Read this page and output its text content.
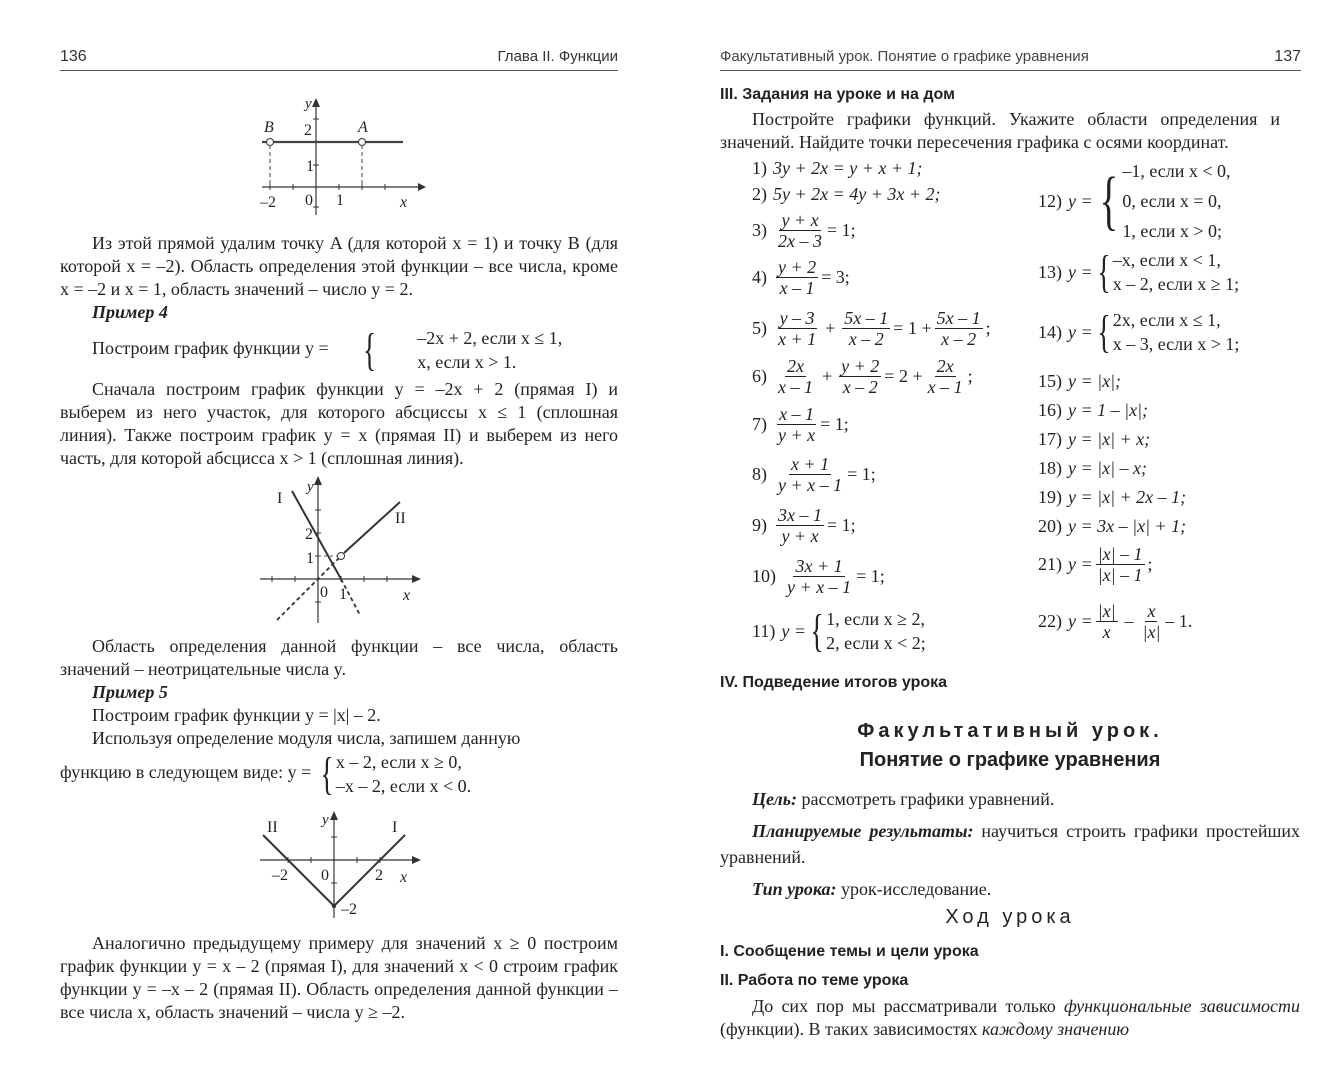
136	Глава II. Функции
y
B	A
2
1
–2 0 1	x

Из этой прямой удалим точку A (для которой x = 1) и точку B (для которой x = –2). Область определения этой функции – все числа, кроме x = –2 и x = 1, область значений – число y = 2.

Пример 4

Построим график функции y = {	–2x + 2, если x ≤ 1,
x, если x > 1.

Сначала построим график функции y = –2x + 2 (прямая I) и выберем из него участок, для которого абсциссы x ≤ 1 (сплошная линия). Также построим график y = x (прямая II) и выберем из него часть, для которой абсцисса x > 1 (сплошная линия).

I
II
y
2
1
0 1	x

Область определения данной функции – все числа, область значений – неотрицательные числа y.

Пример 5

Построим график функции y = |x| – 2.

Используя определение модуля числа, запишем данную

функцию в следующем виде: y = { x – 2, если x ≥ 0,
–x – 2, если x < 0.

II	I
y
–2 0	2 x
–2

Аналогично предыдущему примеру для значений x ≥ 0 построим график функции y = x – 2 (прямая I), для значений x < 0 строим график функции y = –x – 2 (прямая II). Область определения данной функции – все числа x, область значений – числа y ≥ –2.

Факультативный урок. Понятие о графике уравнения	137
III. Задания на уроке и на дом

Постройте графики функций. Укажите области определения и значений. Найдите точки пересечения графика с осями координат.

1) 3y + 2x = y + x + 1;
2) 5y + 2x = 4y + 3x + 2;
$3) \frac{y + x}{2x - 3} = 1$;
$4) \frac{y + 2}{x - 1} = 3$;
$5) \frac{y - 3}{x + 1} + \frac{5x - 1}{x - 2} = 1 + \frac{5x - 1}{x - 2}$ ;
$6) \frac{2x}{x - 1} + \frac{y + 2}{x - 2} = 2 + \frac{2x}{x - 1}$ ;
$7) \frac{x - 1}{y + x} = 1$;
$8) \frac{x + 1}{y + x - 1} = 1$;
$9) \frac{3x - 1}{y + x} = 1$;
$10) \frac{3x + 1}{y + x - 1} = 1$;
11) y = { 1, если x ≥ 2,
2, если x < 2;
12) y = { –1, если x < 0,
0, если x = 0,
1, если x > 0;
13) y = { –x, если x < 1,
x – 2, если x ≥ 1;
14) y = { 2x, если x ≤ 1,
x – 3, если x > 1;
15) y = |x|;
16) y = 1 – |x|;
17) y = |x| + x;
18) y = |x| – x;
19) y = |x| + 2x – 1;
20) y = 3x – |x| + 1;
21) $y = \frac{|x| - 1}{|x| - 1}$ ;
22) $y = \frac{|x|}{x} - \frac{x}{|x|} - 1$.
IV. Подведение итогов урока
Факультативный урок.
Понятие о графике уравнения

Цель: рассмотреть графики уравнений.

Планируемые результаты: научиться строить графики простейших уравнений.

Тип урока: урок-исследование.

Ход урока
I. Сообщение темы и цели урока
II. Работа по теме урока

До сих пор мы рассматривали только функциональные зависимости (функции). В таких зависимостях каждому значению
